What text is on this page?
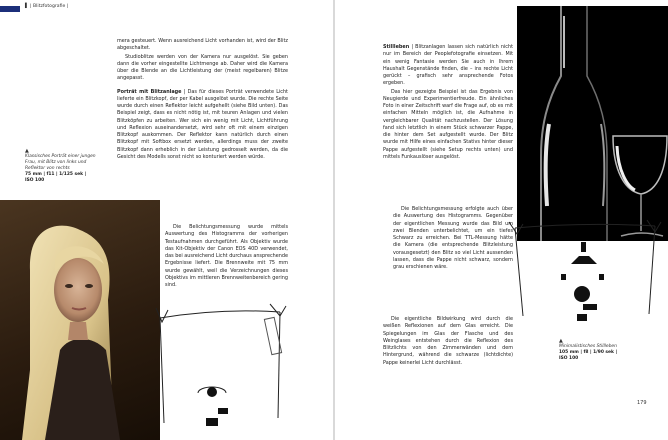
▌ | Blitzfotografie |

mera gesteuert. Wenn ausreichend Licht vorhanden ist, wird der Blitz abgeschaltet.

Studioblitze werden von der Kamera nur ausgelöst. Sie geben dann die vorher eingestellte Lichtmenge ab. Daher wird die Kamera über die Blende an die Lichtleistung der (meist regelbaren) Blitze angepasst.

Porträt mit Blitzanlage | Das für dieses Porträt verwendete Licht lieferte ein Blitzkopf, der per Kabel ausgelöst wurde. Die rechte Seite wurde durch einen Reflektor leicht aufgehellt (siehe Bild unten). Das Beispiel zeigt, dass es nicht nötig ist, mit teuren Anlagen und vielen Blitzköpfen zu arbeiten. Wer sich ein wenig mit Licht, Lichtführung und Reflexion auseinandersetzt, wird sehr oft mit einem einzigen Blitzkopf auskommen. Der Reflektor kann natürlich durch einen Blitzkopf mit Softbox ersetzt werden, allerdings muss der zweite Blitzkopf dann erheblich in der Leistung gedrosselt werden, da die Gesicht des Modells sonst nicht so konturiert werden würde.

Die Belichtungsmessung wurde mittels Auswertung des Histogramms der vorherigen Testaufnahmen durchgeführt. Als Objektiv wurde das Kit-Objektiv der Canon EOS 40D verwendet, das bei ausreichend Licht durchaus ansprechende Ergebnisse liefert. Die Brennweite mit 75 mm wurde gewählt, weil die Verzeichnungen dieses Objektivs im mittleren Brennweitenbereich gering sind.

▲
Klassisches Porträt einer jungen Frau, mit Blitz von links und Reflektor von rechts
75 mm | f11 | 1/125 sek |
ISO 100

Stillleben | Blitzanlagen lassen sich natürlich nicht nur im Bereich der Peoplefotografie einsetzen. Mit ein wenig Fantasie werden Sie auch in Ihrem Haushalt Gegenstände finden, die – ins rechte Licht gerückt – grafisch sehr ansprechende Fotos ergeben.

Das hier gezeigte Beispiel ist das Ergebnis von Neugierde und Experimentierfreude. Ein ähnliches Foto in einer Zeitschrift warf die Frage auf, ob es mit einfachen Mitteln möglich ist, die Aufnahme in vergleichbarer Qualität nachzustellen. Der Lösung fand sich letztlich in einem Stück schwarzer Pappe, die hinter dem Set aufgestellt wurde. Der Blitz wurde mit Hilfe eines einfachen Stativs hinter dieser Pappe aufgestellt (siehe Setup rechts unten) und mittels Funkauslöser ausgelöst.

Die Belichtungsmessung erfolgte auch über die Auswertung des Histogramms. Gegenüber der eigentlichen Messung wurde das Bild um zwei Blenden unterbelichtet, um ein tiefes Schwarz zu erreichen. Bei TTL-Messung hätte die Kamera (die entsprechende Blitzleistung vorausgesetzt) den Blitz so viel Licht aussenden lassen, dass die Pappe nicht schwarz, sondern grau erschienen wäre.

Die eigentliche Bildwirkung wird durch die weißen Reflexionen auf dem Glas erreicht. Die Spiegelungen im Glas der Flasche und des Weinglases entstehen durch die Reflexion des Blitzlichts von den Zimmerwänden und dem Hintergrund, während die schwarze (lichtdichte) Pappe keinerlei Licht durchlässt.

▲
Minimalistisches Stillleben
105 mm | f8 | 1/90 sek |
ISO 100
179
